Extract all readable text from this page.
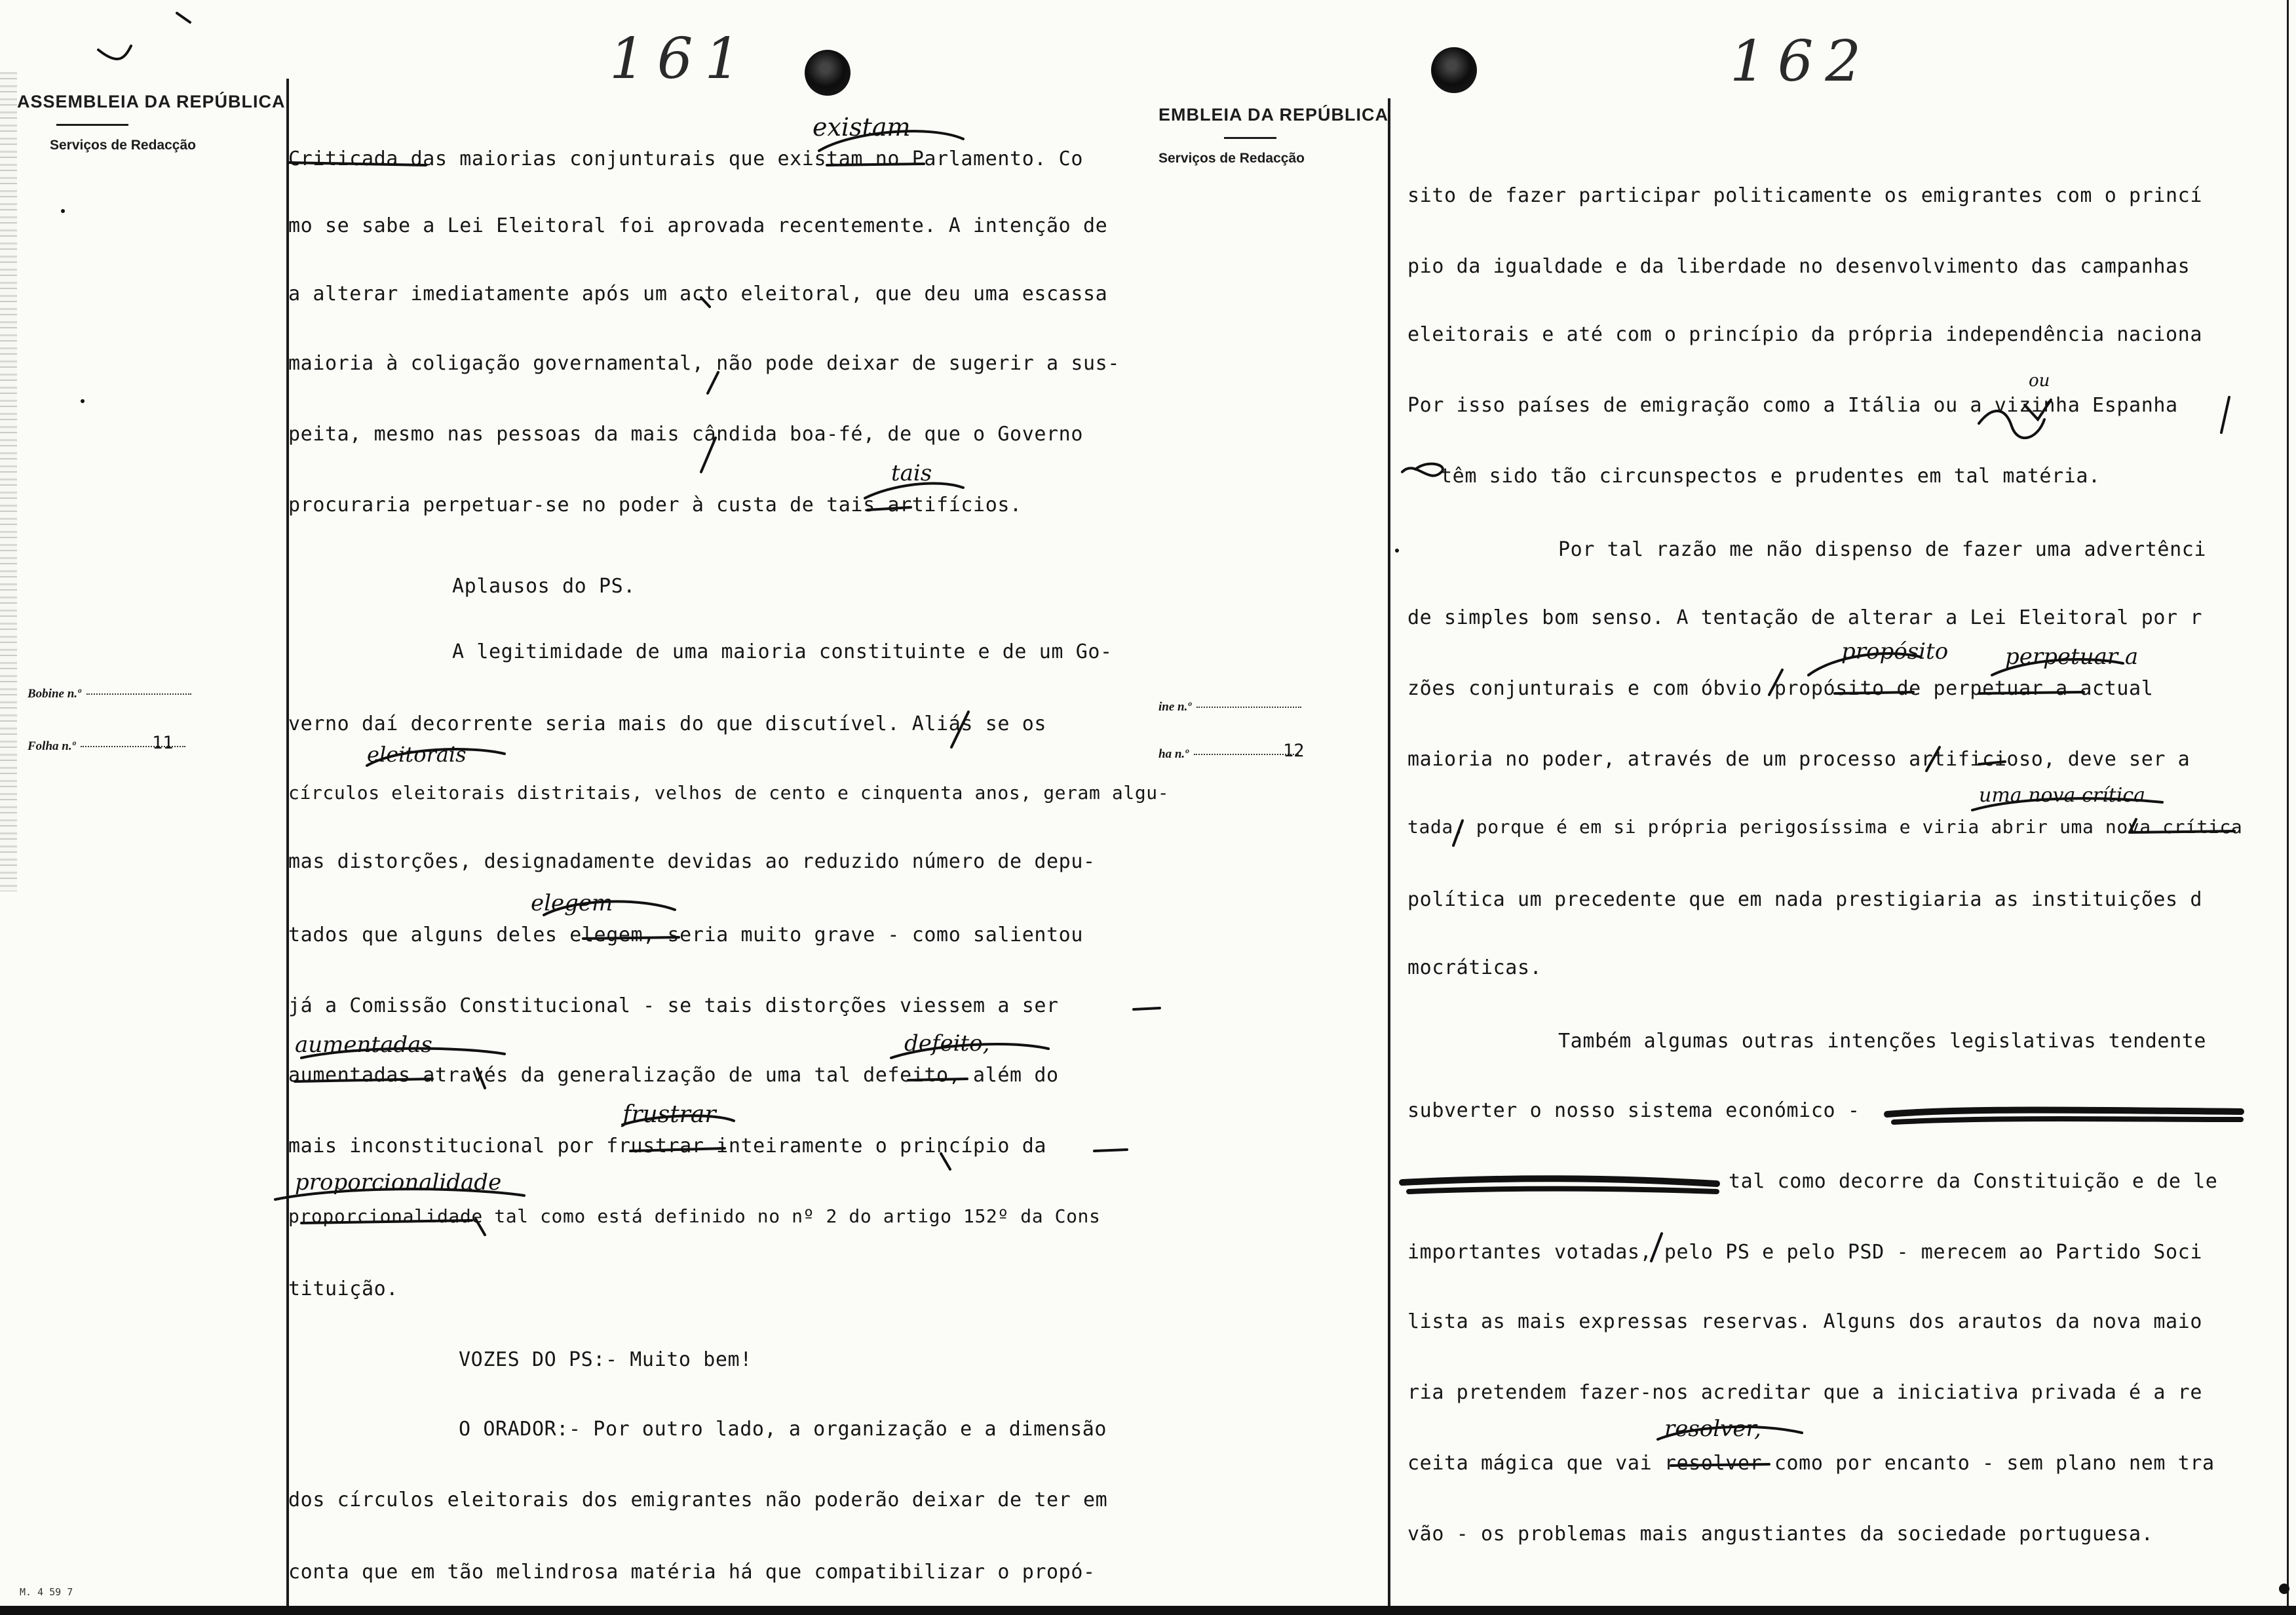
ASSEMBLEIA DA REPÚBLICA
Serviços de Redacção
Bobine n.º
Folha n.º	11
EMBLEIA DA REPÚBLICA
Serviços de Redacção
ine n.º
ha n.º	12
161	162
Criticada das maiorias conjunturais que existam no Parlamento. Co
mo se sabe a Lei Eleitoral foi aprovada recentemente. A intenção de
a alterar imediatamente após um acto eleitoral, que deu uma escassa
maioria à coligação governamental, não pode deixar de sugerir a sus-
peita, mesmo nas pessoas da mais cândida boa-fé, de que o Governo
procuraria perpetuar-se no poder à custa de tais artifícios.
Aplausos do PS.
A legitimidade de uma maioria constituinte e de um Go-
verno daí decorrente seria mais do que discutível. Aliás se os
círculos eleitorais distritais, velhos de cento e cinquenta anos, geram algu-
mas distorções, designadamente devidas ao reduzido número de depu-
tados que alguns deles elegem, seria muito grave - como salientou
já a Comissão Constitucional - se tais distorções viessem a ser
aumentadas através da generalização de uma tal defeito, além do
mais inconstitucional por frustrar inteiramente o princípio da
proporcionalidade tal como está definido no nº 2 do artigo 152º da Cons
tituição.
VOZES DO PS:- Muito bem!
O ORADOR:- Por outro lado, a organização e a dimensão
dos círculos eleitorais dos emigrantes não poderão deixar de ter em
conta que em tão melindrosa matéria há que compatibilizar o propó-
sito de fazer participar politicamente os emigrantes com o princí
pio da igualdade e da liberdade no desenvolvimento das campanhas
eleitorais e até com o princípio da própria independência naciona
Por isso países de emigração como a Itália ou a vizinha Espanha
têm sido tão circunspectos e prudentes em tal matéria.
Por tal razão me não dispenso de fazer uma advertênci
de simples bom senso. A tentação de alterar a Lei Eleitoral por r
zões conjunturais e com óbvio propósito de perpetuar a actual
maioria no poder, através de um processo artificioso, deve ser a
tada, porque é em si própria perigosíssima e viria abrir uma nova crítica
política um precedente que em nada prestigiaria as instituições d
mocráticas.
Também algumas outras intenções legislativas tendente
subverter o nosso sistema económico -
tal como decorre da Constituição e de le
importantes votadas, pelo PS e pelo PSD - merecem ao Partido Soci
lista as mais expressas reservas. Alguns dos arautos da nova maio
ria pretendem fazer-nos acreditar que a iniciativa privada é a re
ceita mágica que vai resolver como por encanto - sem plano nem tra
vão - os problemas mais angustiantes da sociedade portuguesa.
existam
tais
eleitorais
elegem
aumentadas	defeito,
frustrar
proporcionalidade
ou
propósito	perpetuar a
uma nova crítica
resolver,
M. 4 59 7
